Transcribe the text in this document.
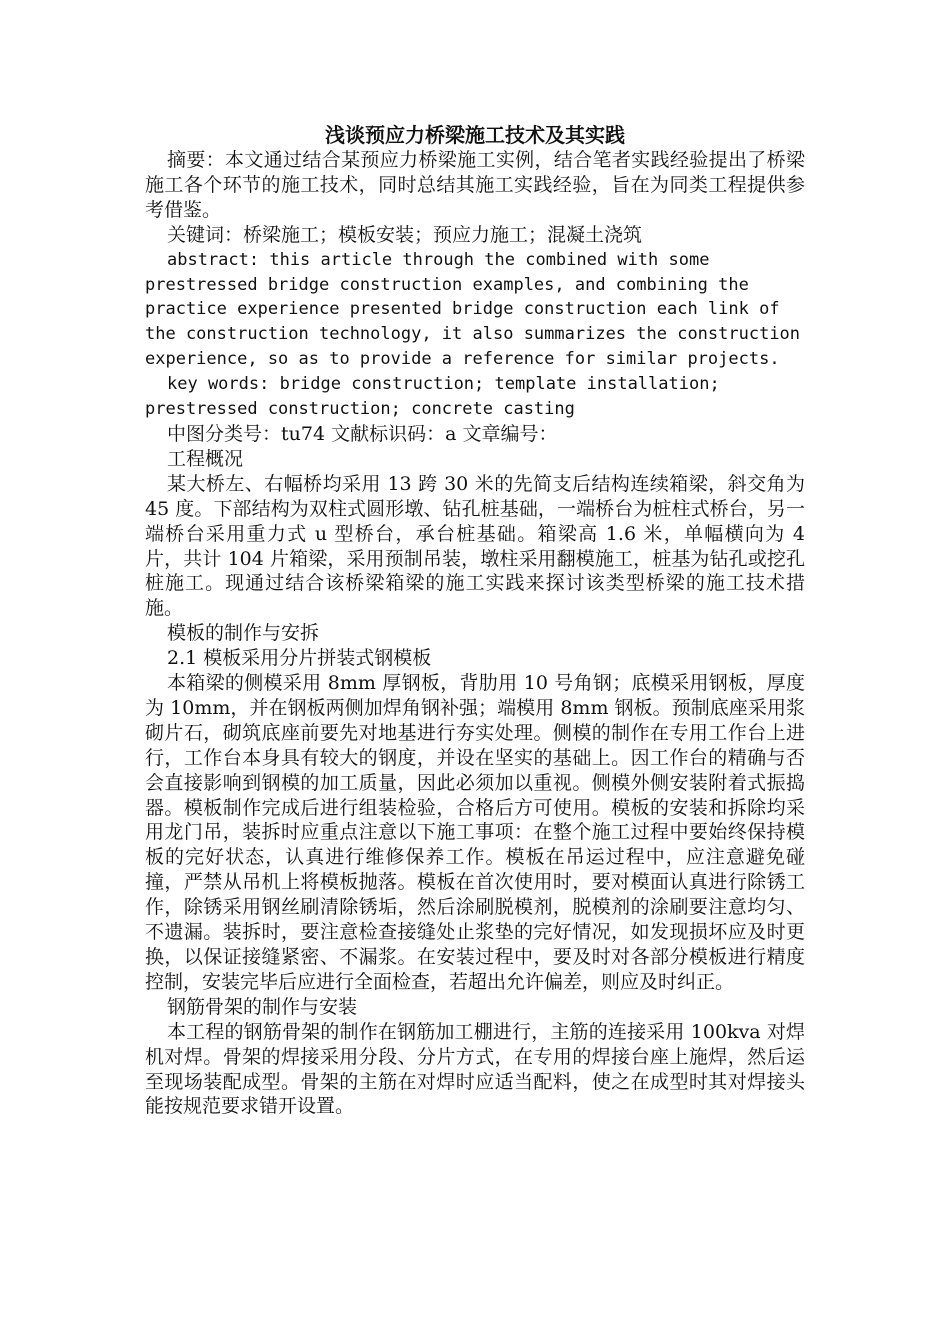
浅谈预应力桥梁施工技术及其实践

摘要：本文通过结合某预应力桥梁施工实例，结合笔者实践经验提出了桥梁施工各个环节的施工技术，同时总结其施工实践经验，旨在为同类工程提供参考借鉴。

关键词：桥梁施工；模板安装；预应力施工；混凝土浇筑

abstract: this article through the combined with some prestressed bridge construction examples, and combining the practice experience presented bridge construction each link of the construction technology, it also summarizes the construction experience, so as to provide a reference for similar projects.

key words: bridge construction; template installation; prestressed construction; concrete casting

中图分类号：tu74 文献标识码：a 文章编号：

工程概况

某大桥左、右幅桥均采用 13 跨 30 米的先简支后结构连续箱梁，斜交角为 45 度。下部结构为双柱式圆形墩、钻孔桩基础，一端桥台为桩柱式桥台，另一端桥台采用重力式 u 型桥台，承台桩基础。箱梁高 1.6 米，单幅横向为 4 片，共计 104 片箱梁，采用预制吊装，墩柱采用翻模施工，桩基为钻孔或挖孔桩施工。现通过结合该桥梁箱梁的施工实践来探讨该类型桥梁的施工技术措施。

模板的制作与安拆

2.1 模板采用分片拼装式钢模板

本箱梁的侧模采用 8mm 厚钢板，背肋用 10 号角钢；底模采用钢板，厚度为 10mm，并在钢板两侧加焊角钢补强；端模用 8mm 钢板。预制底座采用浆砌片石，砌筑底座前要先对地基进行夯实处理。侧模的制作在专用工作台上进行，工作台本身具有较大的钢度，并设在坚实的基础上。因工作台的精确与否会直接影响到钢模的加工质量，因此必须加以重视。侧模外侧安装附着式振捣器。模板制作完成后进行组装检验，合格后方可使用。模板的安装和拆除均采用龙门吊，装拆时应重点注意以下施工事项：在整个施工过程中要始终保持模板的完好状态，认真进行维修保养工作。模板在吊运过程中，应注意避免碰撞，严禁从吊机上将模板抛落。模板在首次使用时，要对模面认真进行除锈工作，除锈采用钢丝刷清除锈垢，然后涂刷脱模剂，脱模剂的涂刷要注意均匀、不遗漏。装拆时，要注意检查接缝处止浆垫的完好情况，如发现损坏应及时更换，以保证接缝紧密、不漏浆。在安装过程中，要及时对各部分模板进行精度控制，安装完毕后应进行全面检查，若超出允许偏差，则应及时纠正。

钢筋骨架的制作与安装

本工程的钢筋骨架的制作在钢筋加工棚进行，主筋的连接采用 100kva 对焊机对焊。骨架的焊接采用分段、分片方式，在专用的焊接台座上施焊，然后运至现场装配成型。骨架的主筋在对焊时应适当配料，使之在成型时其对焊接头能按规范要求错开设置。
